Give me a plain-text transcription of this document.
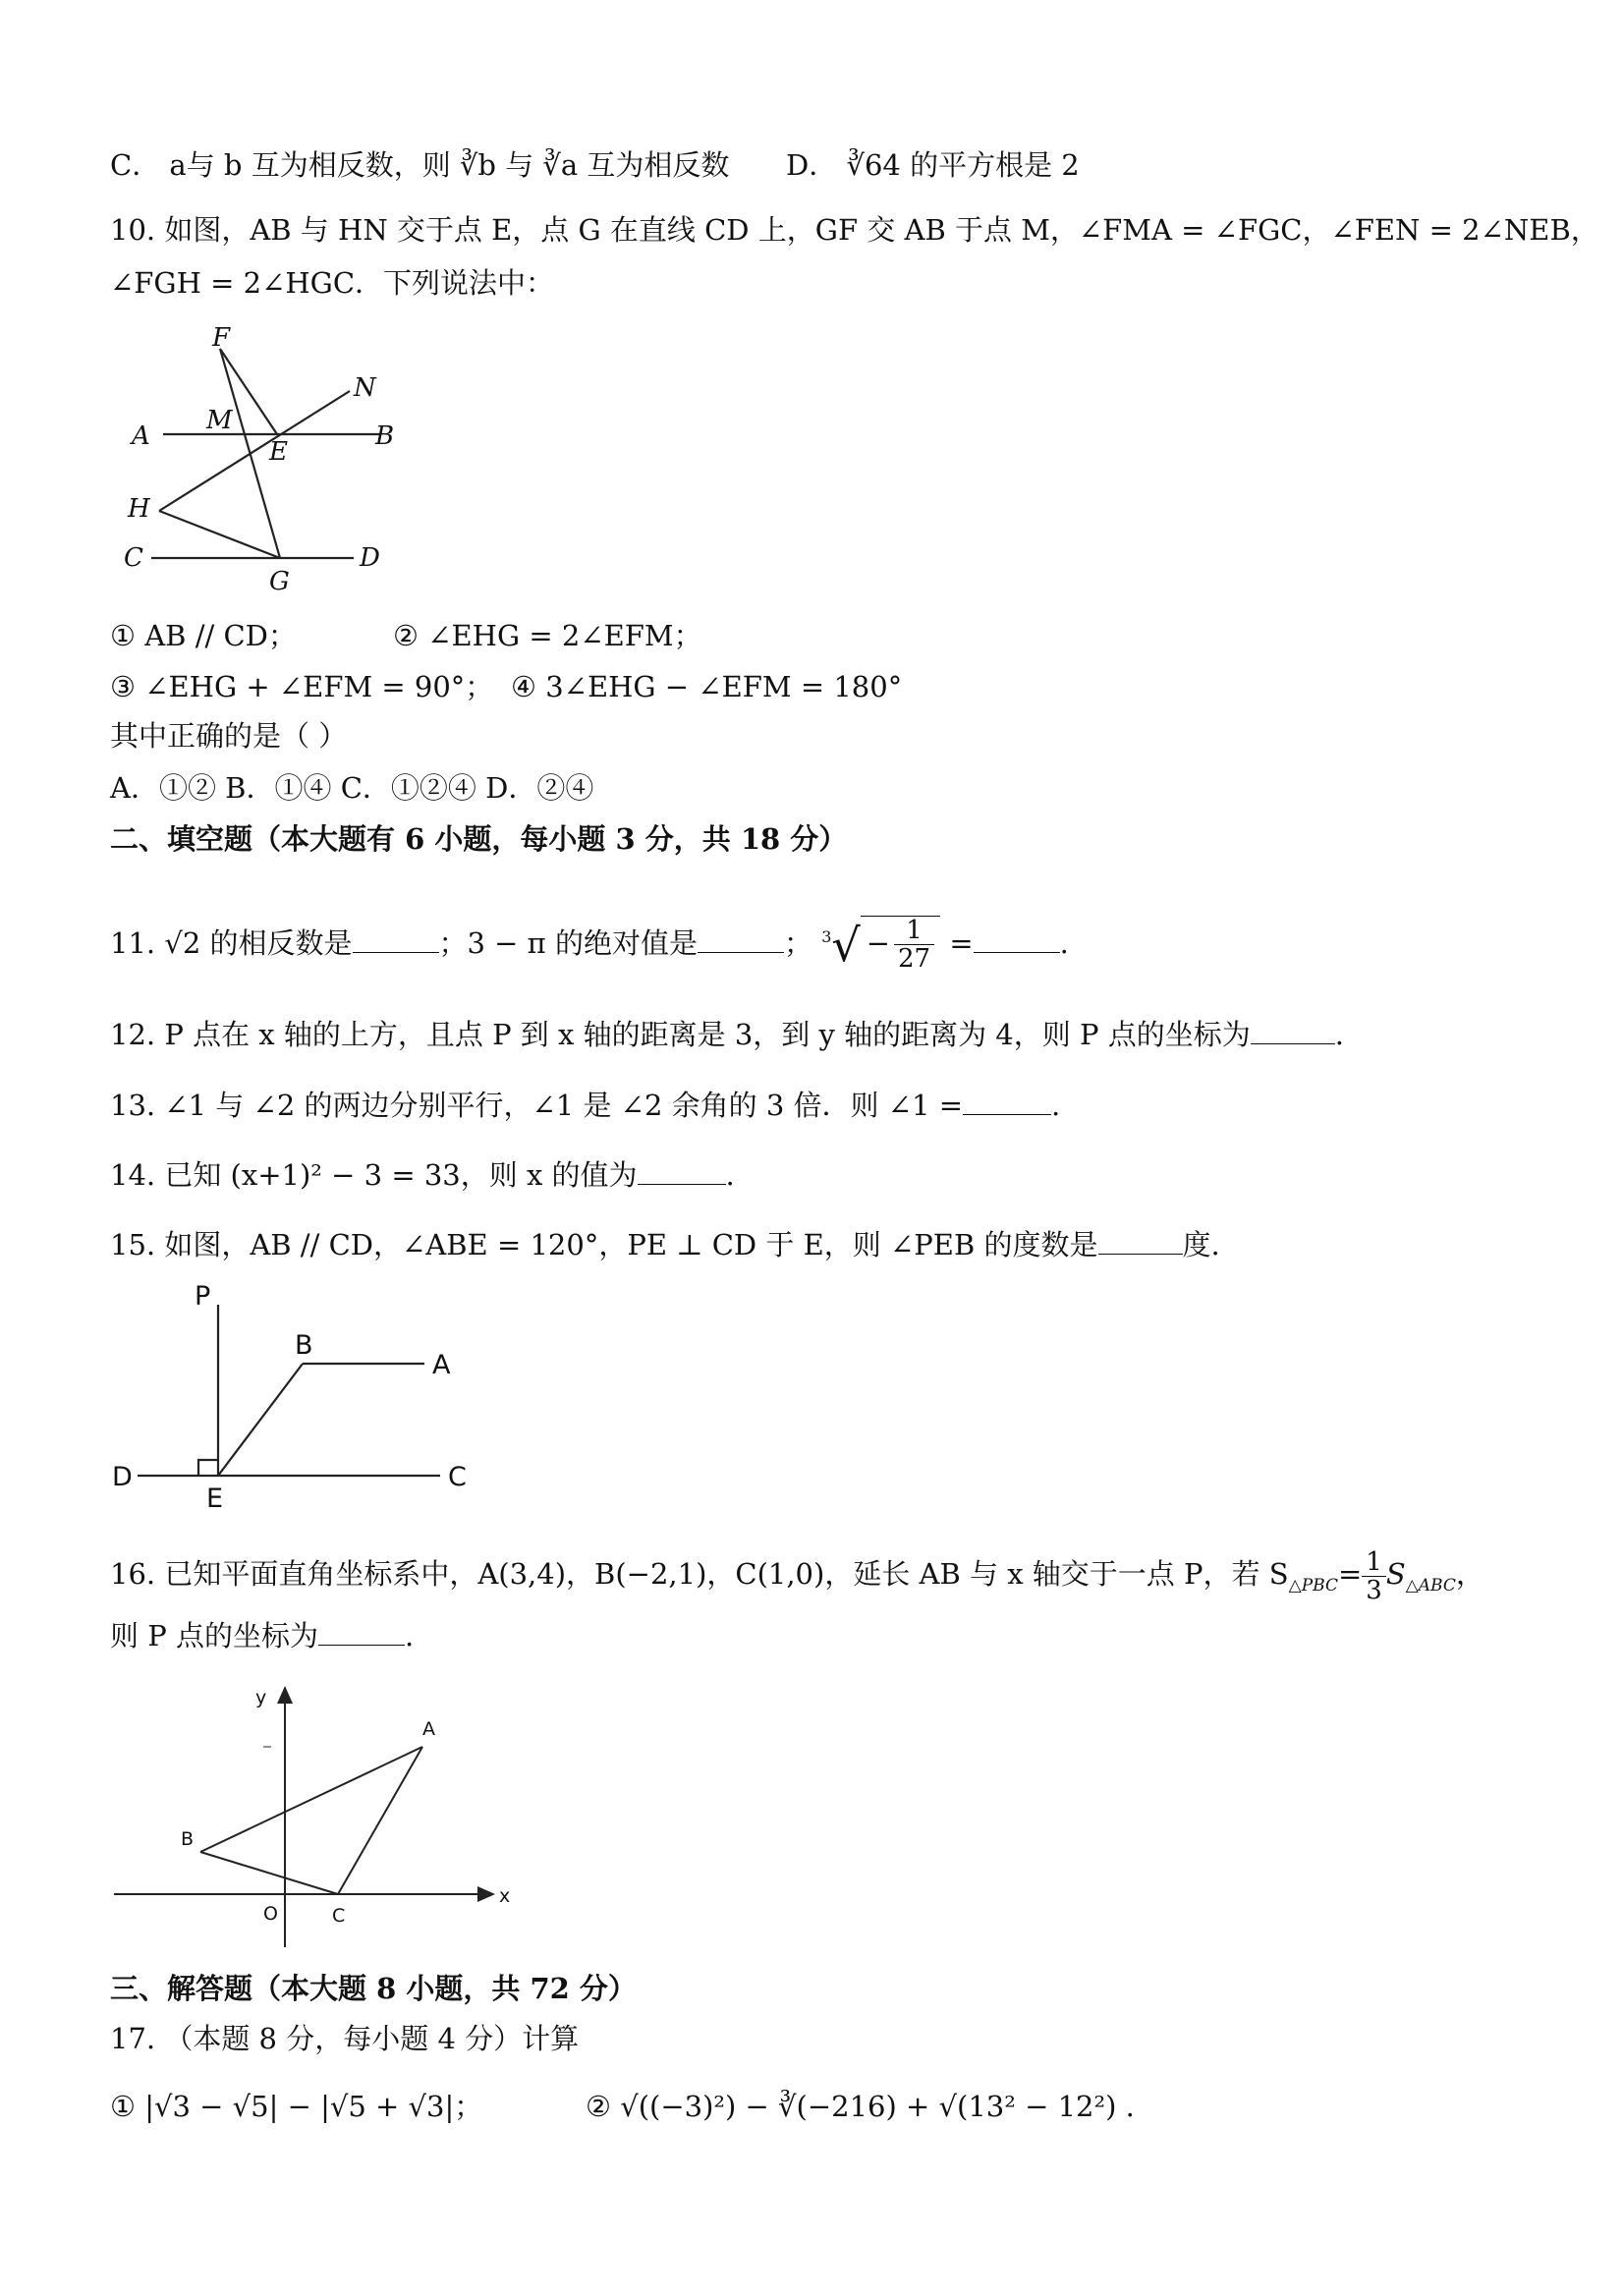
C． a与 b 互为相反数，则 ∛b 与 ∛a 互为相反数 D． ∛64 的平方根是 2
10. 如图，AB 与 HN 交于点 E，点 G 在直线 CD 上，GF 交 AB 于点 M，∠FMA = ∠FGC，∠FEN = 2∠NEB，
∠FGH = 2∠HGC．下列说法中：
F
N
M
A
E
B
H
C
G
D
① AB // CD；	② ∠EHG = 2∠EFM；
③ ∠EHG + ∠EFM = 90°； ④ 3∠EHG − ∠EFM = 180°
其中正确的是（ ）
A．①② B．①④ C．①②④ D．②④
二、填空题（本大题有 6 小题，每小题 3 分，共 18 分）
11. √2 的相反数是	；3 − π 的绝对值是	； $3√ - \frac{1}{27}$ =	.
12. P 点在 x 轴的上方，且点 P 到 x 轴的距离是 3，到 y 轴的距离为 4，则 P 点的坐标为	.
13. ∠1 与 ∠2 的两边分别平行，∠1 是 ∠2 余角的 3 倍．则 ∠1 =	.
14. 已知 (x+1)² − 3 = 33，则 x 的值为	.
15. 如图，AB // CD，∠ABE = 120°，PE ⊥ CD 于 E，则 ∠PEB 的度数是	度.
P
B
A
D
E
C
16. 已知平面直角坐标系中，A(3,4)，B(−2,1)，C(1,0)，延长 AB 与 x 轴交于一点 P，若 $S_{\triangle PBC}= \frac{1}{3} S_{\triangle ABC}$，
则 P 点的坐标为	.
y
x
A
B
O	C
三、解答题（本大题 8 小题，共 72 分）
17. （本题 8 分，每小题 4 分）计算
① |√3 − √5| − |√5 + √3|；	② √((−3)²) − ∛(−216) + √(13² − 12²) .
